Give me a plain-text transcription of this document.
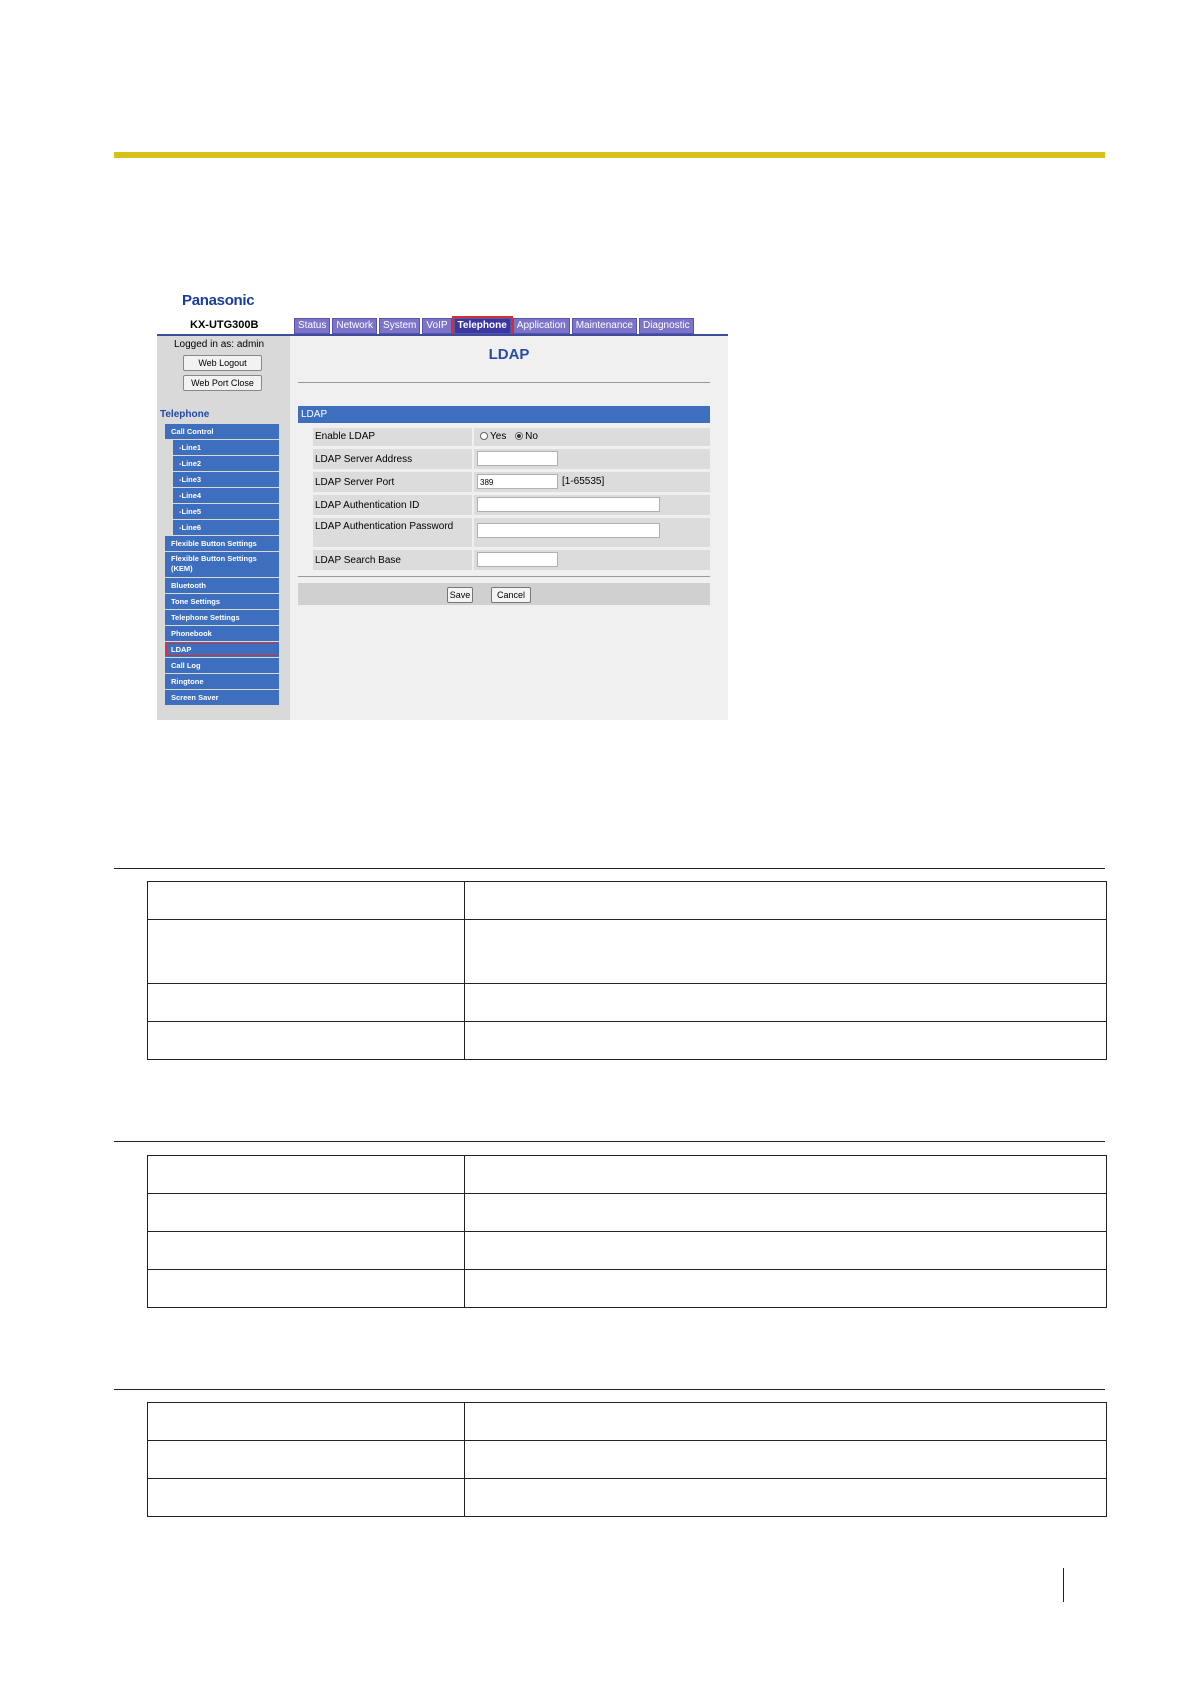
Panasonic
KX-UTG300B	Status	Network	System	VoIP	Telephone	Application	Maintenance	Diagnostic
Logged in as: admin
Web Logout
Web Port Close
Telephone
Call Control
-Line1
-Line2
-Line3
-Line4
-Line5
-Line6
Flexible Button Settings
Flexible Button Settings (KEM)
Bluetooth
Tone Settings
Telephone Settings
Phonebook
LDAP
Call Log
Ringtone
Screen Saver
LDAP
LDAP
Enable LDAP	Yes No
LDAP Server Address
LDAP Server Port	389	[1-65535]
LDAP Authentication ID
LDAP Authentication Password
LDAP Search Base
Save	Cancel
